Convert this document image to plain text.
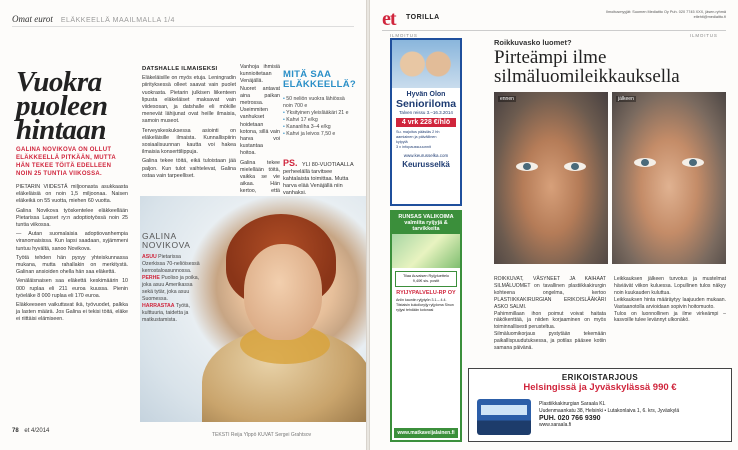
Omat eurot ELÄKKEELLÄ MAAILMALLA 1/4
Vuokra puoleen hintaan
GALINA NOVIKOVA ON OLLUT ELÄKKEELLÄ PITKÄÄN, MUTTA HÄN TEKEE TÖITÄ EDELLEEN NOIN 25 TUNTIA VIIKOSSA.

PIETARIN VIIDESTÄ miljoonasta asukkaasta eläkeläisiä on noin 1,5 miljoonaa. Naisen eläkeikä on 55 vuotta, miehen 60 vuotta.

Galina Novikova työskentelee eläkkeellään Pietarissa Lapset ry:n adoptiotyössä noin 25 tuntia viikossa.

— Autan suomalaisia adoptiovanhempia viranomaisissa. Kun lapsi saadaan, syjämmeni tuntuu hyvältä, sanoo Novikova.

Työtä tehden hän pysyy yhteiskunnassa mukana, mutta rahallakin on merkitystä. Galinan ansioiden ohella hän saa eläkettä.

Venäläisnaisen saa eläkettä keskimäärin 10 000 ruplaa eli 211 euroa kuussa. Pienin työeläke 8 000 ruplaa eli 170 euroa.

Eläkkeeseen vaikuttavat ikä, työvuodet, palkka ja lasten määrä. Jos Galina ei tekisi töitä, eläke ei riittäisi elämiseen.

DATSHALLE ILMAISEKSI

Eläkeläisille on myös etuja. Leningradin piirityksessä olleet saavat vain puolet vuokrasta. Pietarin julkisen liikenteen lipusta eläkeläiset maksavat vain viidesosan, ja datshalle eli mökille menevät lähijunat ovat heille ilmaisia, samoin museot.

Terveyskeskuksessa asiointi on eläkeläisille ilmaista. Kunnallispiirin sosiaalisuunnan kautta voi hakea ilmaisia konserttilippuja.

Galina tekee töitä, eikä tuloistaan jää paljon. Kun tulot vaihtelevat, Galina ostaa vain tarpeelliset.

Vanhoja ihmisiä kunnioitetaan Venäjällä. Nuoret antavat aina paikan metrossa. Useimmiten vanhukset hoidetaan kotona, sillä vain harva voi kustantaa hoitoa.

Galina tekee mielellään töitä, vaikka se vie aikaa. Hän kertoo, että

MITÄ SAA ELÄKKEELLÄ?
• 50 neliön vuokra lähiössä noin 700 e
• Yksityinen yleislääkäri 21 e
• Kahvi 17 e/kg
• Kananliha 3–4 e/kg
• Kahvi ja leivos 7,50 e
PS. YLI 80-VUOTIAALLA perheelällä tarvitsee kahtalaista toimittaa. Mutta harva elää Venäjällä niin vanhaksi.
GALINA NOVIKOVA

ASUU Pietarissa Ozerkissa 70-neliöisessä kerrostaloasunnossa.

PERHE Puoliso ja poika, joka asuu Amerikassa sekä tytär, joka asuu Suomessa.

HARRASTAA Työtä, kulttuuria, taidetta ja matkustamista.

78 et 4/2014
TEKSTI Reija Ylppö KUVAT Sergei Grahtsov
et TORILLA
Ilmoitusmyyjät: Suomen Mediaitto Oy Puh. 020 7745 XXX, jäsen.ryhmä etlehti@mediaitto.fi
ILMOITUS	ILMOITUS
Hyvän Olon
Senioriloma
Talven reissu 3.–16.3.2014
4 vrk 228 €/hlö
Su. majoitus pääsiäs 2 hh
aamiainen ja päivällinen
kylpylä
3 x infopaussuuunnit
www.keurusselka.com
Keurusselkä
RUNSAS VALIKOIMA valmiita ryijyjä & tarvikkeita
Tilaa Auvaisen Ryijyluettelo 9,40€ sis. postit
RYIJYPALVELU-RP OY
Anlin kauniin ryijytyön 3.1.– 4.4. Tiistaisin kukoiluryijy ryijyloma Sinun ryijysi tehdään kotonasi
www.matkaveijalainen.fi
Roikkuvasko luomet?
Pirteämpi ilme silmäluomileikkauksella
ennen	jälkeen

ROIKKUVAT, VÄSYNEET JA KAIHAAT SILMÄLUOMET on tavallinen plastiikkakirurgin kohteena ongelma, kertoo PLASTIIKKAKIRURGIAN ERIKOISLÄÄKÄRI ASKO SALMI.

Pahimmillaan ihon poimut voivat haitata näkökenttää, ja niiden korjaaminen on myös toiminnallisesti perusteltua.

Silmäluomikorjaus pystytään tekemään paikallispuudutuksessa, ja potilas pääsee kotiin samana päivänä.

Leikkauksen jälkeen turvotus ja mustelmat häviävät viikon kuluessa. Lopullinen tulos näkyy noin kuukauden kuluttua.

Leikkauksen hinta määräytyy laajuuden mukaan. Vastaanotolla arvioidaan sopivin hoitomuoto.

Tulos on luonnollinen ja ilme virkeämpi – kasvoille tulee levännyt ulkonäkö.

ERIKOISTARJOUS
Helsingissä ja Jyväskylässä 990 €
Plastiikkakirurgian Saraala KL
Uudenmaankatu 38, Helsinki • Lutakonlaiva 1, 6. krs, Jyväskylä
PUH. 020 766 9390
www.saraala.fi
